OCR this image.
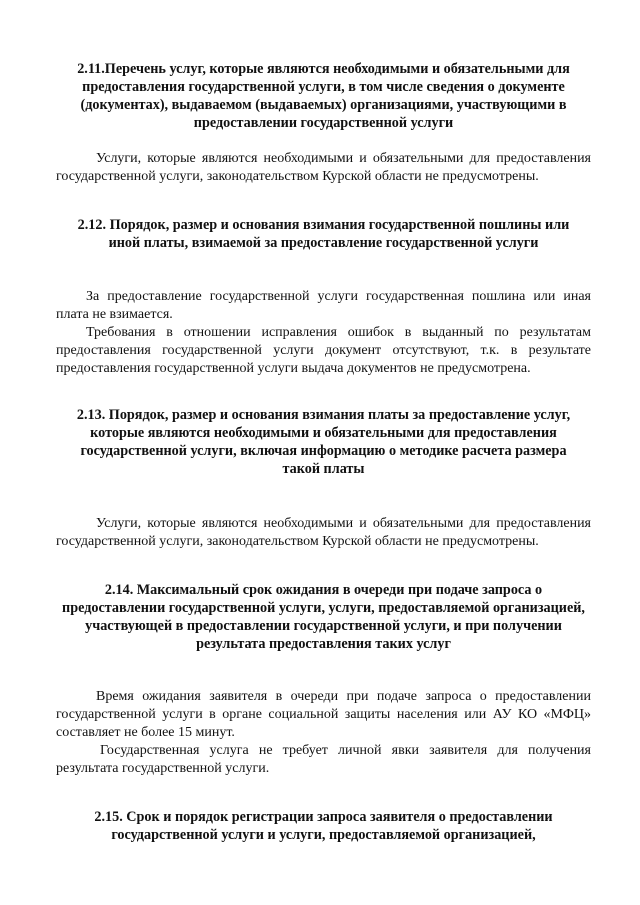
2.11.Перечень услуг, которые являются необходимыми и обязательными для предоставления государственной услуги, в том числе сведения о документе (документах), выдаваемом (выдаваемых) организациями, участвующими в предоставлении государственной услуги

Услуги, которые являются необходимыми и обязательными для предоставления государственной услуги, законодательством Курской области не предусмотрены.

2.12. Порядок, размер и основания взимания государственной пошлины или иной платы, взимаемой за предоставление государственной услуги

За предоставление государственной услуги государственная пошлина или иная плата не взимается.

Требования в отношении исправления ошибок в выданный по результатам предоставления государственной услуги документ отсутствуют, т.к. в результате предоставления государственной услуги выдача документов не предусмотрена.

2.13. Порядок, размер и основания взимания платы за предоставление услуг, которые являются необходимыми и обязательными для предоставления государственной услуги, включая информацию о методике расчета размера такой платы

Услуги, которые являются необходимыми и обязательными для предоставления государственной услуги, законодательством Курской области не предусмотрены.

2.14. Максимальный срок ожидания в очереди при подаче запроса о предоставлении государственной услуги, услуги, предоставляемой организацией, участвующей в предоставлении государственной услуги, и при получении результата предоставления таких услуг

Время ожидания заявителя в очереди при подаче запроса о предоставлении государственной услуги в органе социальной защиты населения или АУ КО «МФЦ» составляет не более 15 минут.

Государственная услуга не требует личной явки заявителя для получения результата государственной услуги.

2.15. Срок и порядок регистрации запроса заявителя о предоставлении государственной услуги и услуги, предоставляемой организацией,
